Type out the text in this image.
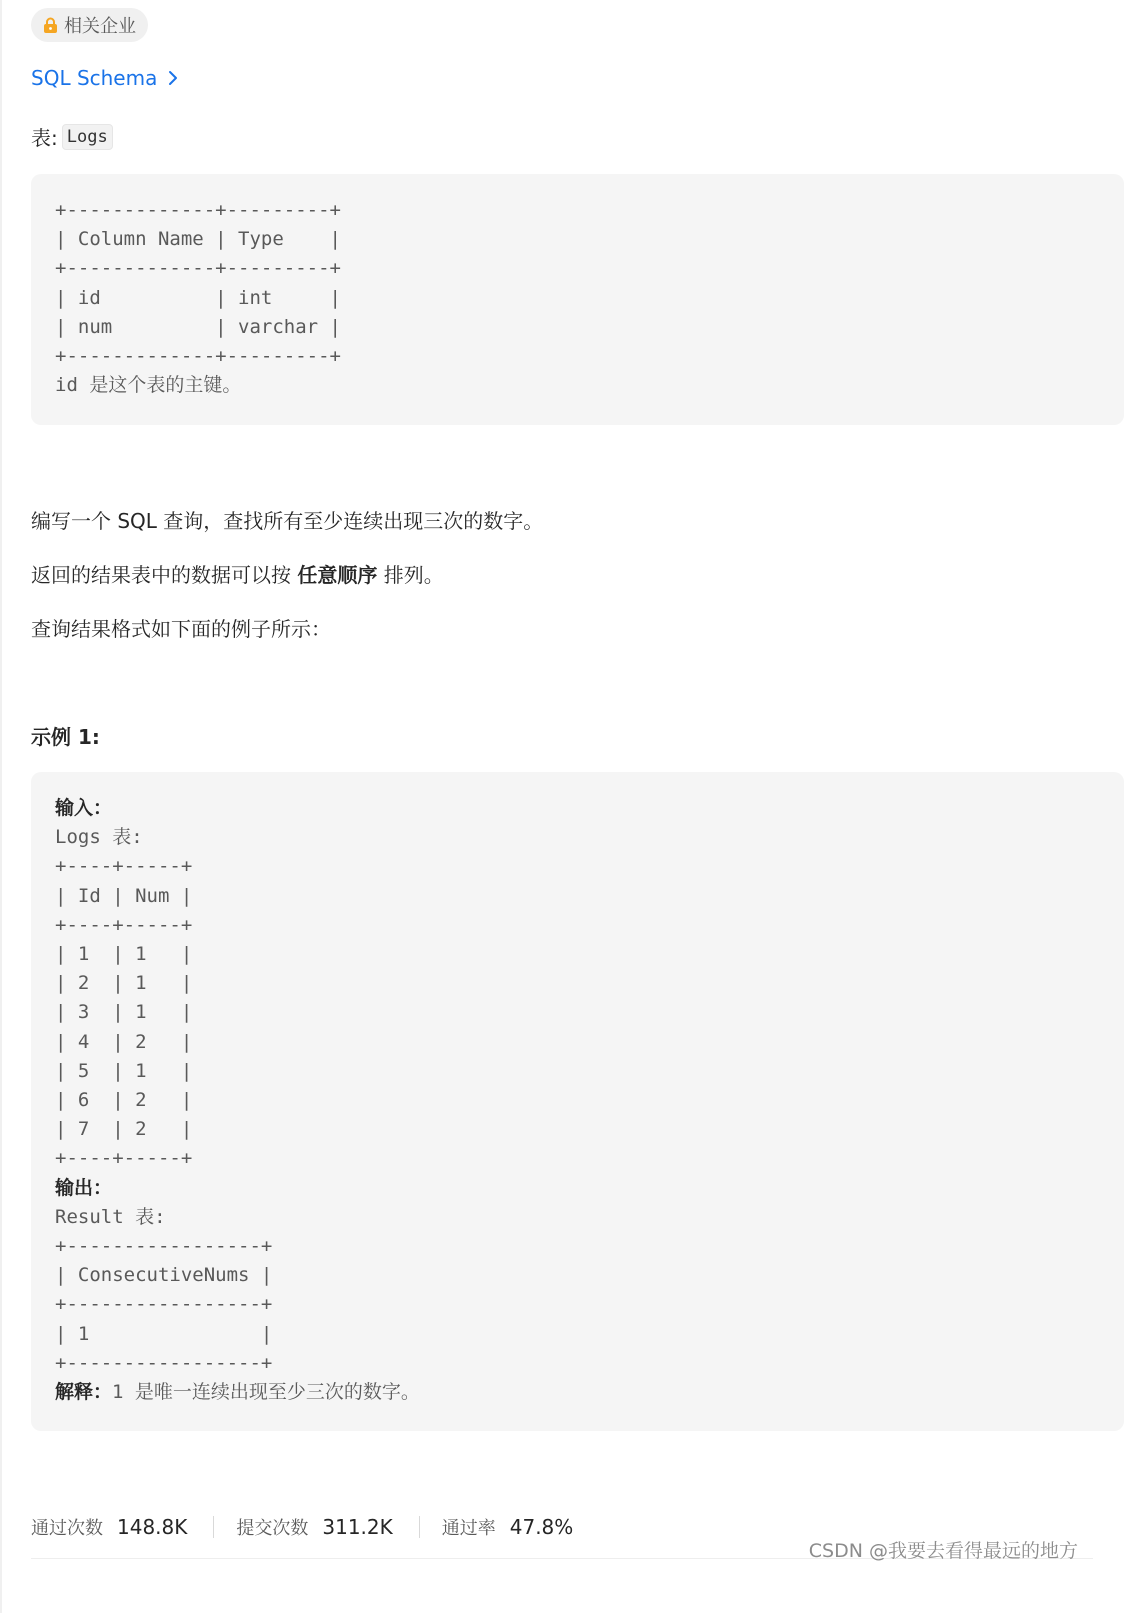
相关企业
SQL Schema
表: Logs
+-------------+---------+
| Column Name | Type    |
+-------------+---------+
| id          | int     |
| num         | varchar |
+-------------+---------+
id 是这个表的主键。
编写一个 SQL 查询，查找所有至少连续出现三次的数字。
返回的结果表中的数据可以按 任意顺序 排列。
查询结果格式如下面的例子所示：
示例 1:
输入：
Logs 表:
+----+-----+
| Id | Num |
+----+-----+
| 1  | 1   |
| 2  | 1   |
| 3  | 1   |
| 4  | 2   |
| 5  | 1   |
| 6  | 2   |
| 7  | 2   |
+----+-----+
输出：
Result 表:
+-----------------+
| ConsecutiveNums |
+-----------------+
| 1               |
+-----------------+
解释：1 是唯一连续出现至少三次的数字。
通过次数 148.8K	提交次数 311.2K	通过率 47.8%
CSDN @我要去看得最远的地方
